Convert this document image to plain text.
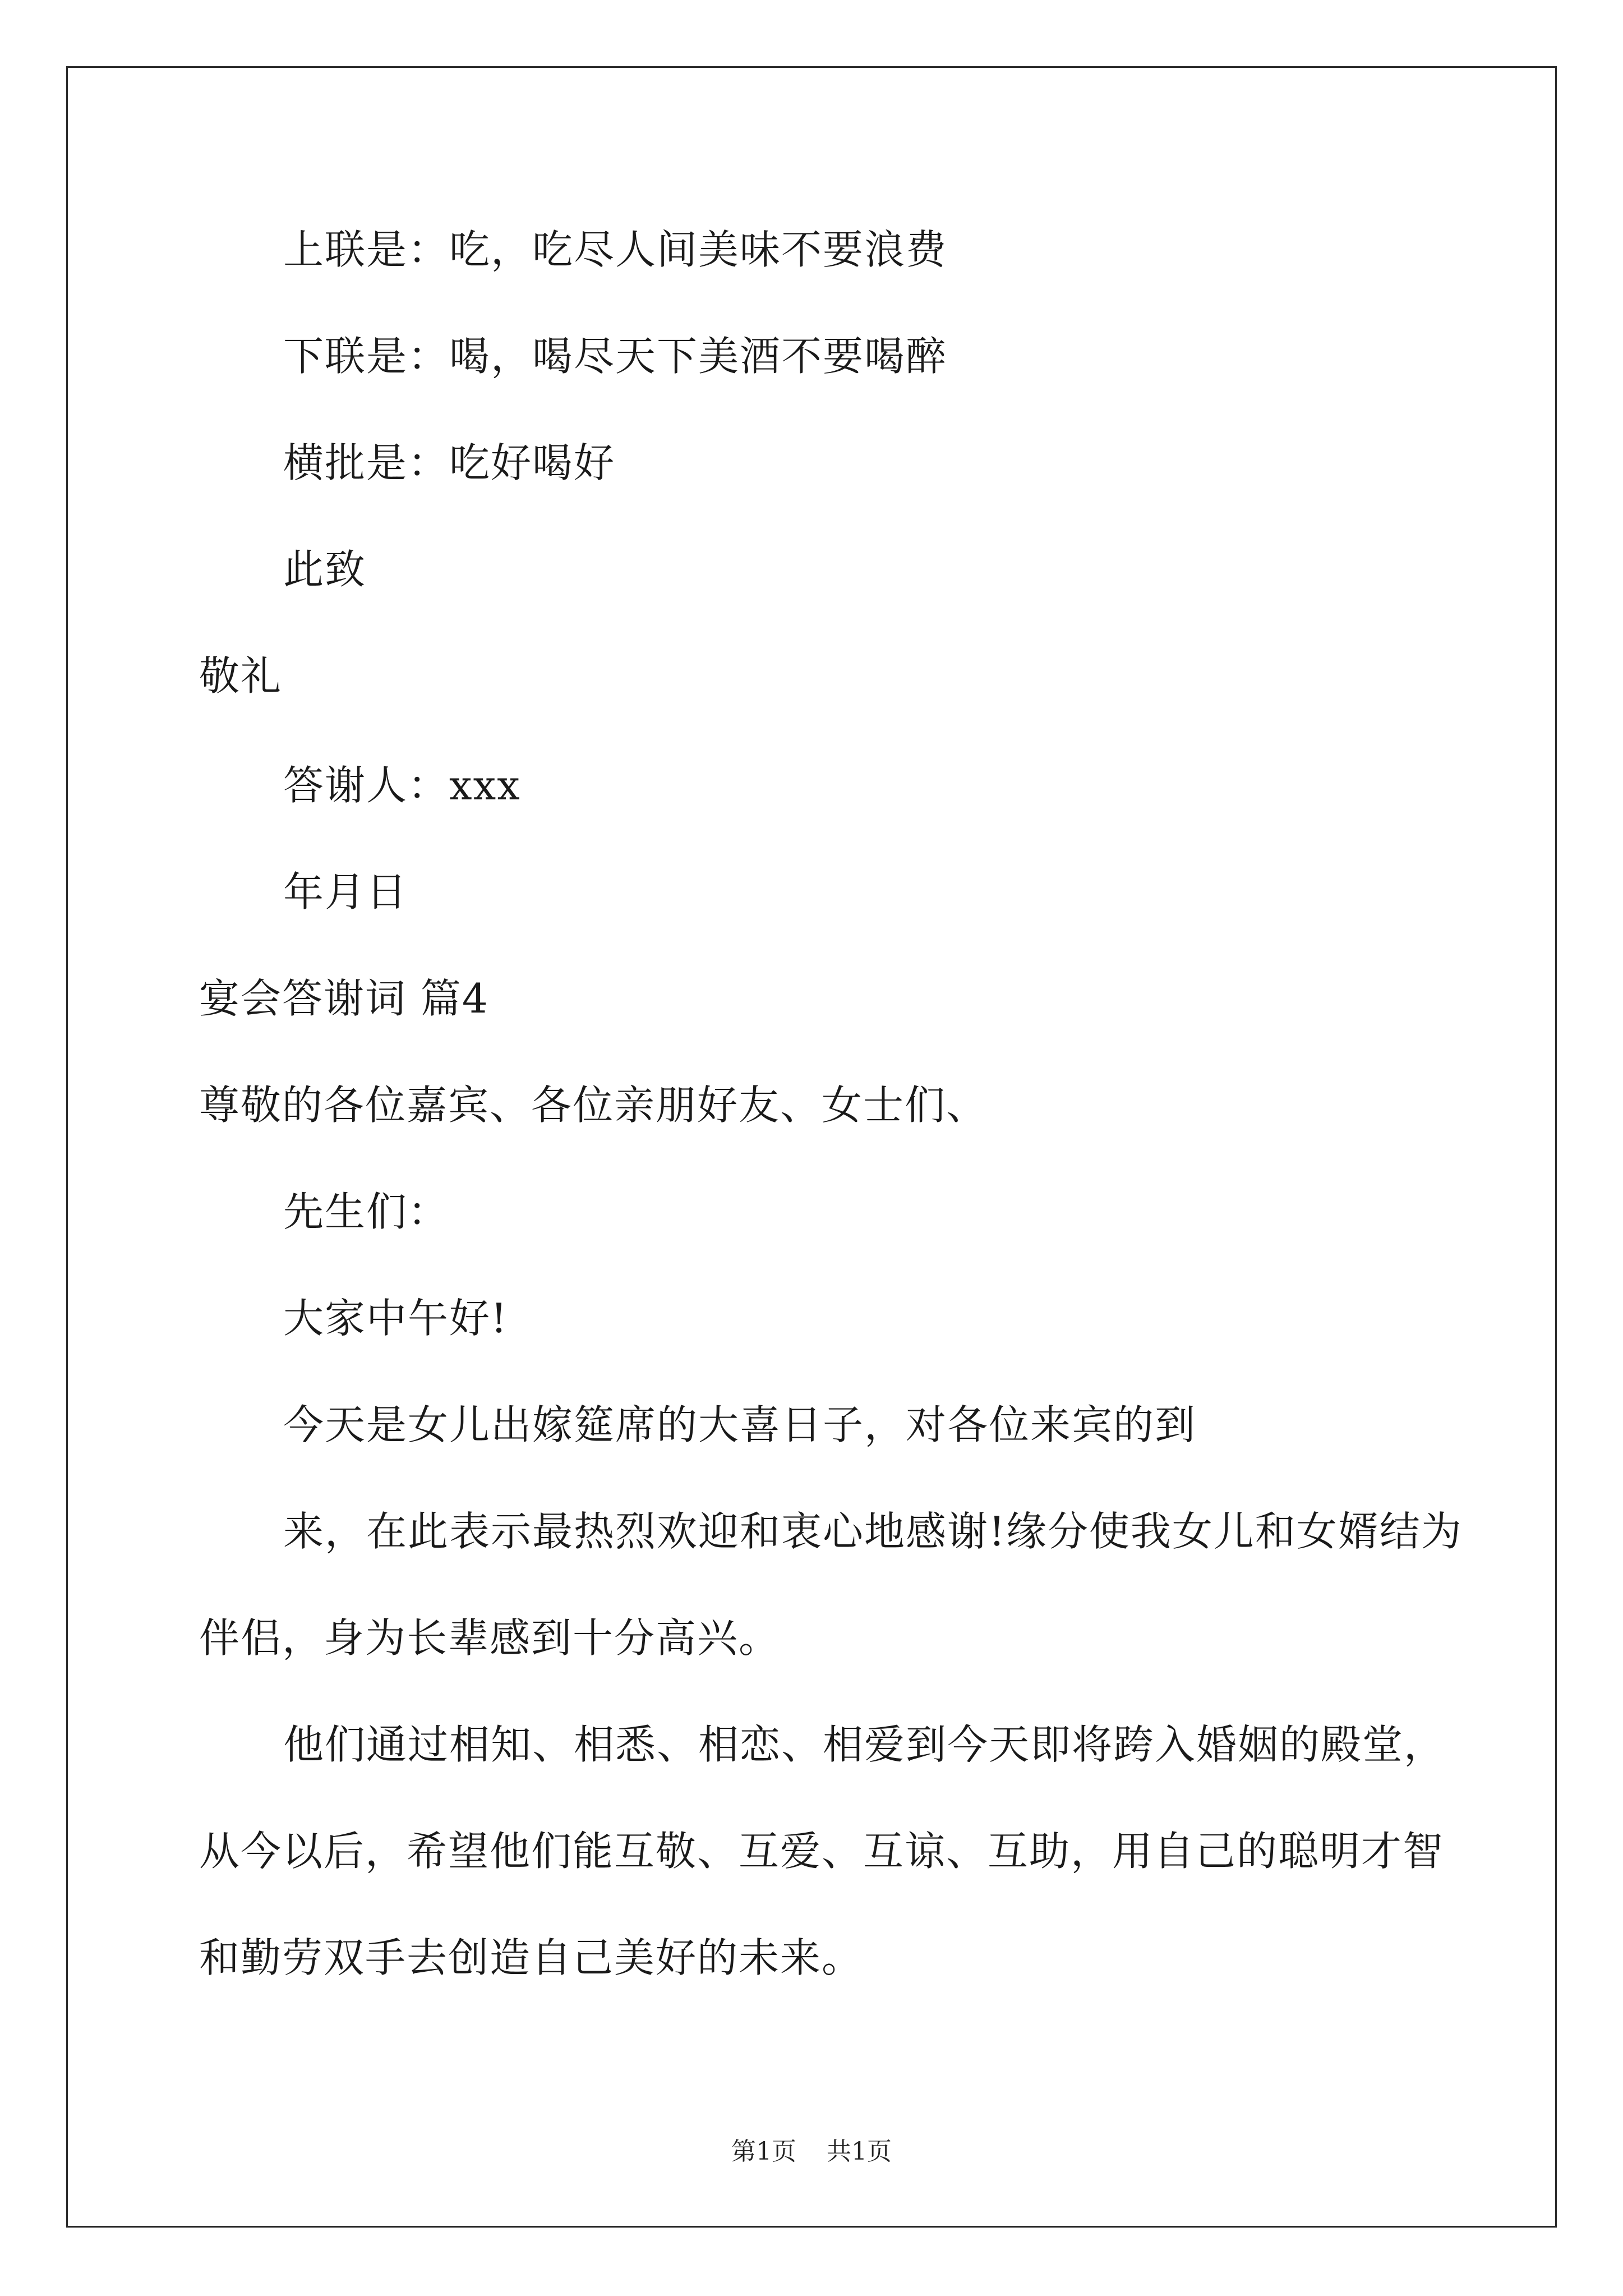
上联是：吃，吃尽人间美味不要浪费
下联是：喝，喝尽天下美酒不要喝醉
横批是：吃好喝好
此致
敬礼
答谢人：xxx
年月日
宴会答谢词 篇4
尊敬的各位嘉宾、各位亲朋好友、女士们、
先生们：
大家中午好!
今天是女儿出嫁筵席的大喜日子，对各位来宾的到
来，在此表示最热烈欢迎和衷心地感谢!缘分使我女儿和女婿结为
伴侣，身为长辈感到十分高兴。
他们通过相知、相悉、相恋、相爱到今天即将跨入婚姻的殿堂，
从今以后，希望他们能互敬、互爱、互谅、互助，用自己的聪明才智
和勤劳双手去创造自己美好的未来。
第1页 共1页
